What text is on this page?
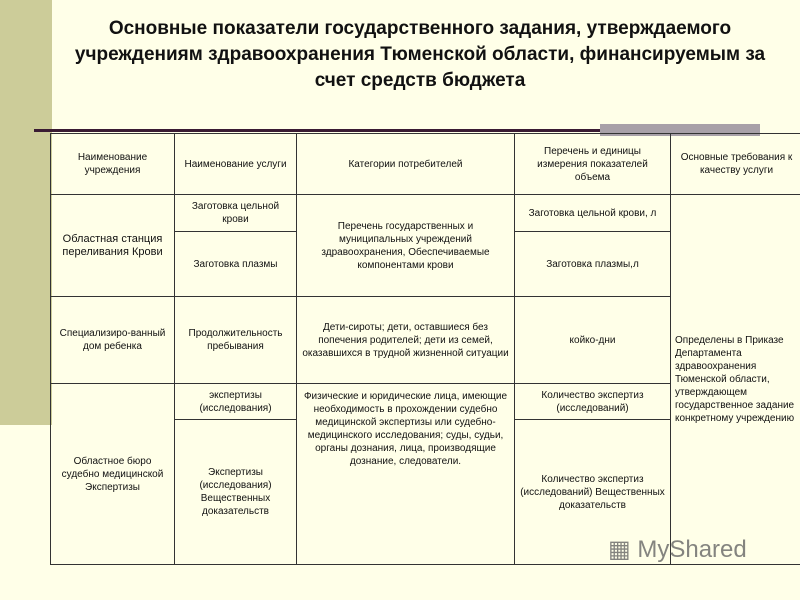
Основные показатели государственного задания, утверждаемого учреждениям здравоохранения Тюменской области, финансируемым за счет средств бюджета
Наименование учреждения	Наименование услуги	Категории потребителей	Перечень и единицы измерения показателей объема	Основные требования к качеству услуги
Областная станция переливания Крови	Заготовка цельной крови	Перечень государственных и муниципальных учреждений здравоохранения, Обеспечиваемые компонентами крови	Заготовка цельной крови, л	Определены в Приказе Департамента здравоохранения Тюменской области, утверждающем государственное задание конкретному учреждению
	Заготовка плазмы		Заготовка плазмы,л	
Специализиро-ванный дом ребенка	Продолжительность пребывания	Дети-сироты; дети, оставшиеся без попечения родителей; дети из семей, оказавшихся в трудной жизненной ситуации	койко-дни	
Областное бюро судебно медицинской Экспертизы	экспертизы (исследования)	Физические и юридические лица, имеющие необходимость в прохождении судебно медицинской экспертизы или судебно-медицинского исследования; суды, судьи, органы дознания, лица, производящие дознание, следователи.	Количество экспертиз (исследований)	
	Экспертизы (исследования) Вещественных доказательств		Количество экспертиз (исследований) Вещественных доказательств	
▦ MyShared
